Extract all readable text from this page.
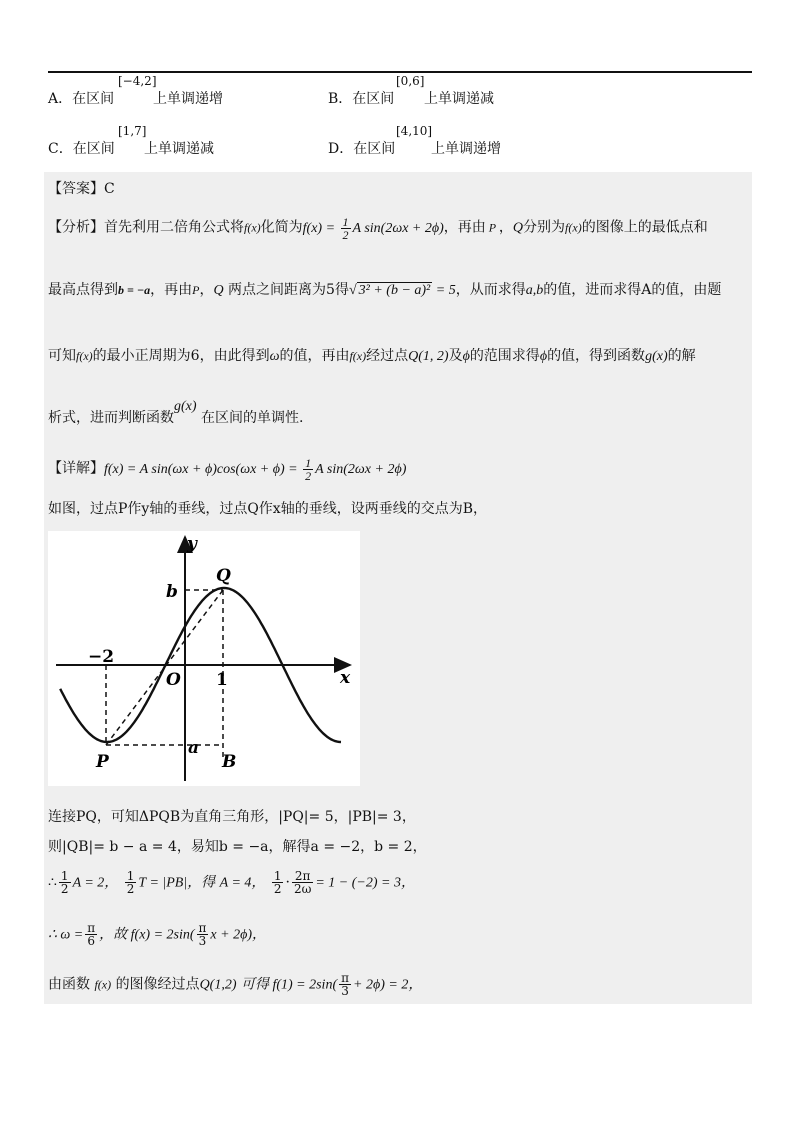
A．在区间
[−4,2]
上单调递增	B．在区间
[0,6]
上单调递减
C．在区间
[1,7]
上单调递减	D．在区间
[4,10]
上单调递增
【答案】C
【分析】首先利用二倍角公式将f(x)化简为$f(x) = \frac{1}{2}$ A sin(2ωx + 2ϕ)，再由 P ，Q分别为f(x)的图像上的最低点和
最高点得到b = −a，再由P，Q 两点之间距离为5得√ 3² + (b − a)² = 5，从而求得a,b的值，进而求得A的值，由题
可知f(x)的最小正周期为6，由此得到ω的值，再由f(x)经过点Q(1, 2)及ϕ的范围求得ϕ的值，得到函数g(x)的解
析式，进而判断函数g(x) 在区间的单调性.
【详解】f(x) = A $\sin(\omega x + \phi)\cos(\omega x + \phi) = \frac{1}{2}$ A sin(2ωx + 2ϕ)
如图，过点P作y轴的垂线，过点Q作x轴的垂线，设两垂线的交点为B，
y
x
O
b
a
−2
1
P
Q
B
连接PQ，可知ΔPQB为直角三角形，|PQ|= 5，|PB|= 3，
则|QB|= b − a = 4，易知b = −a，解得a = −2，b = 2，
∴ $\frac{1}{2}$ A = 2， $\frac{1}{2}$ T = |PB|，得 A = 4， $\frac{1}{2} \cdot \frac{2\pi}{2\omega} = 1 - (-2) = 3$，
∴ $\omega = \frac{\pi}{6}$ ，故 $f(x) = 2\sin( \frac{\pi}{3}$ x + 2ϕ)，
由函数 f(x) 的图像经过点Q(1,2) 可得 $f(1) = 2\sin( \frac{\pi}{3} + 2\phi) = 2$，
